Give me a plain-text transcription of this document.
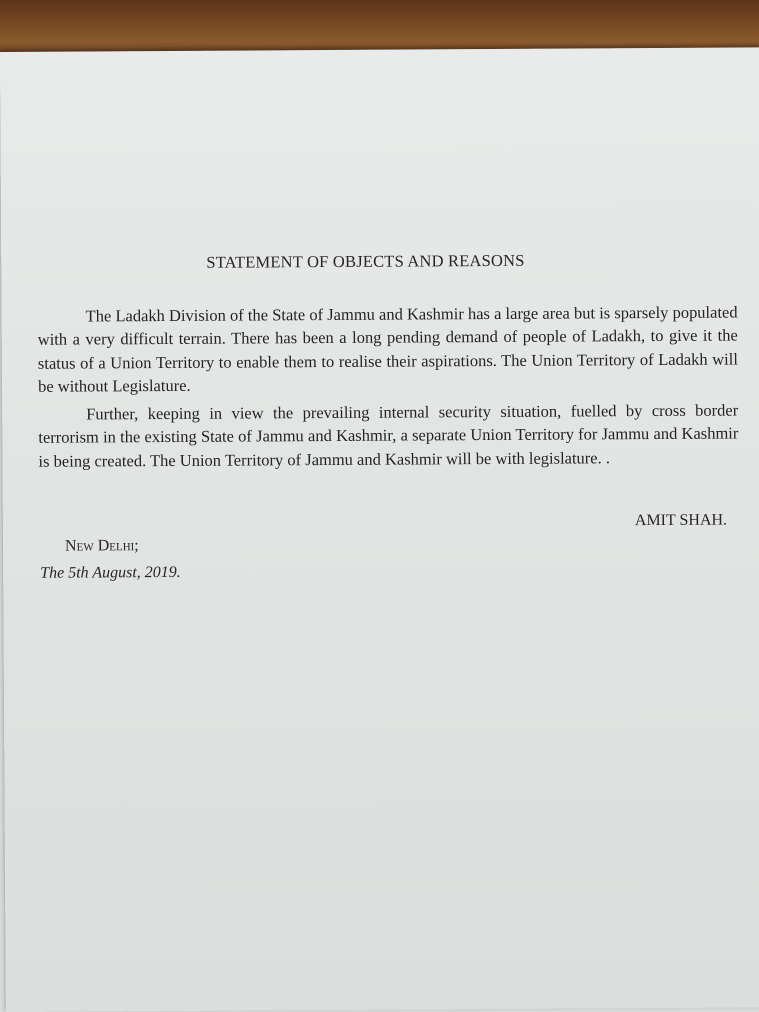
STATEMENT OF OBJECTS AND REASONS

The Ladakh Division of the State of Jammu and Kashmir has a large area but is sparsely populated with a very difficult terrain. There has been a long pending demand of people of Ladakh, to give it the status of a Union Territory to enable them to realise their aspirations. The Union Territory of Ladakh will be without Legislature.

Further, keeping in view the prevailing internal security situation, fuelled by cross border terrorism in the existing State of Jammu and Kashmir, a separate Union Territory for Jammu and Kashmir is being created. The Union Territory of Jammu and Kashmir will be with legislature. .

AMIT SHAH.
New Delhi;
The 5th August, 2019.
